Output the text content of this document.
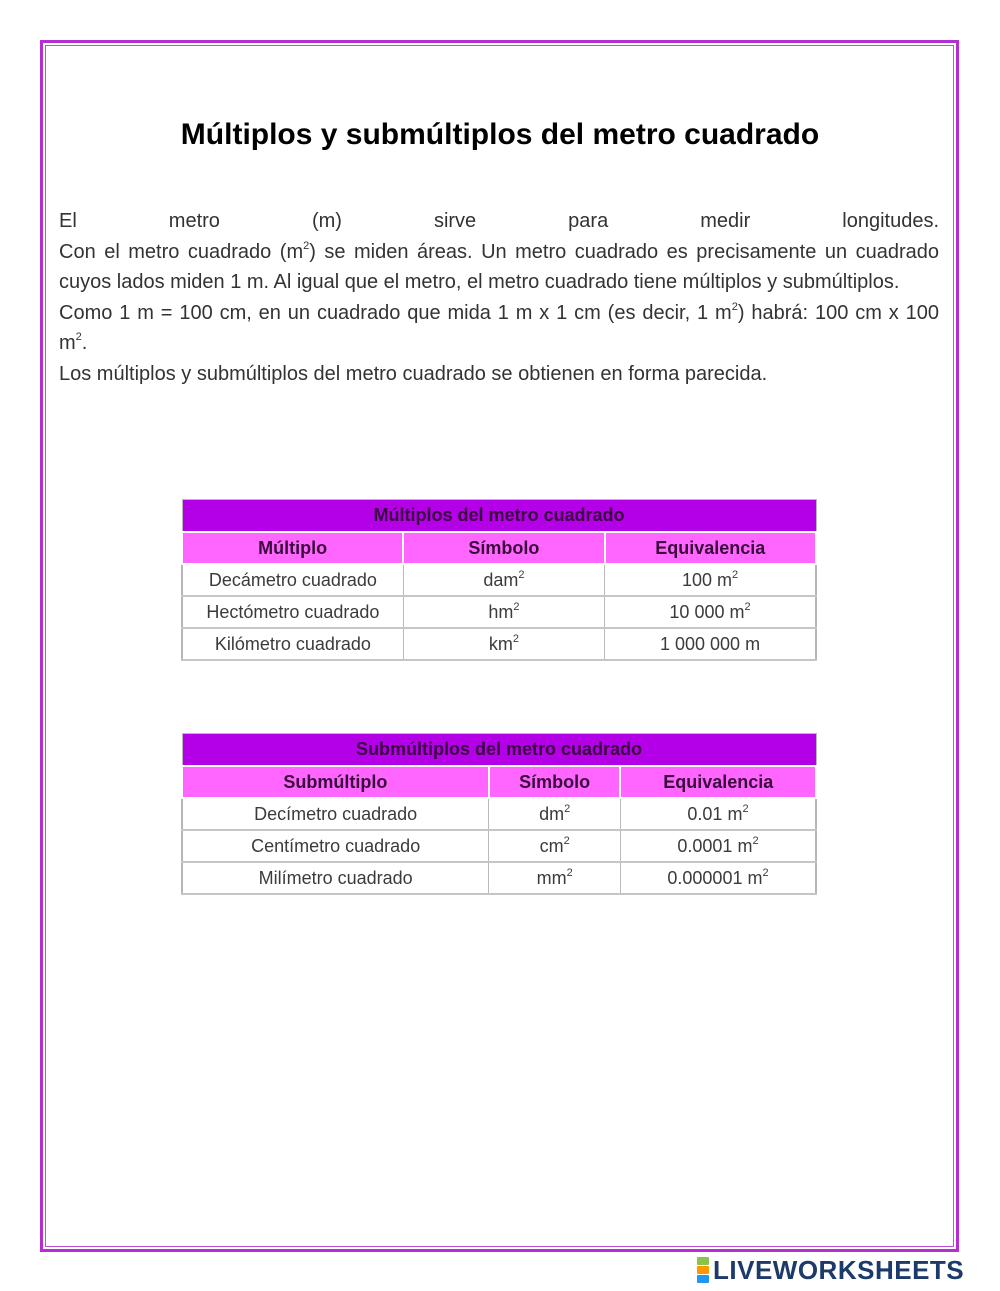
Múltiplos y submúltiplos del metro cuadrado

El metro (m) sirve para medir longitudes.

Con el metro cuadrado $(m^2)$ se miden áreas. Un metro cuadrado es precisamente un cuadrado cuyos lados miden 1 m. Al igual que el metro, el metro cuadrado tiene múltiplos y submúltiplos.

Como 1 m = 100 cm, en un cuadrado que mida 1 m x 1 cm (es decir, 1 $m^2$) habrá: 100 cm x 100 $m^2$.

Los múltiplos y submúltiplos del metro cuadrado se obtienen en forma parecida.

Múltiplos del metro cuadrado		
Múltiplo	Símbolo	Equivalencia
Decámetro cuadrado	dam$^2$	100 $m^2$
Hectómetro cuadrado	$hm^2$	10 000 $m^2$
Kilómetro cuadrado	$km^2$	1 000 000 m
Submúltiplos del metro cuadrado		
Submúltiplo	Símbolo	Equivalencia
Decímetro cuadrado	$dm^2$	0.01 $m^2$
Centímetro cuadrado	$cm^2$	0.0001 $m^2$
Milímetro cuadrado	$mm^2$	0.000001 $m^2$
LIVEWORKSHEETS
